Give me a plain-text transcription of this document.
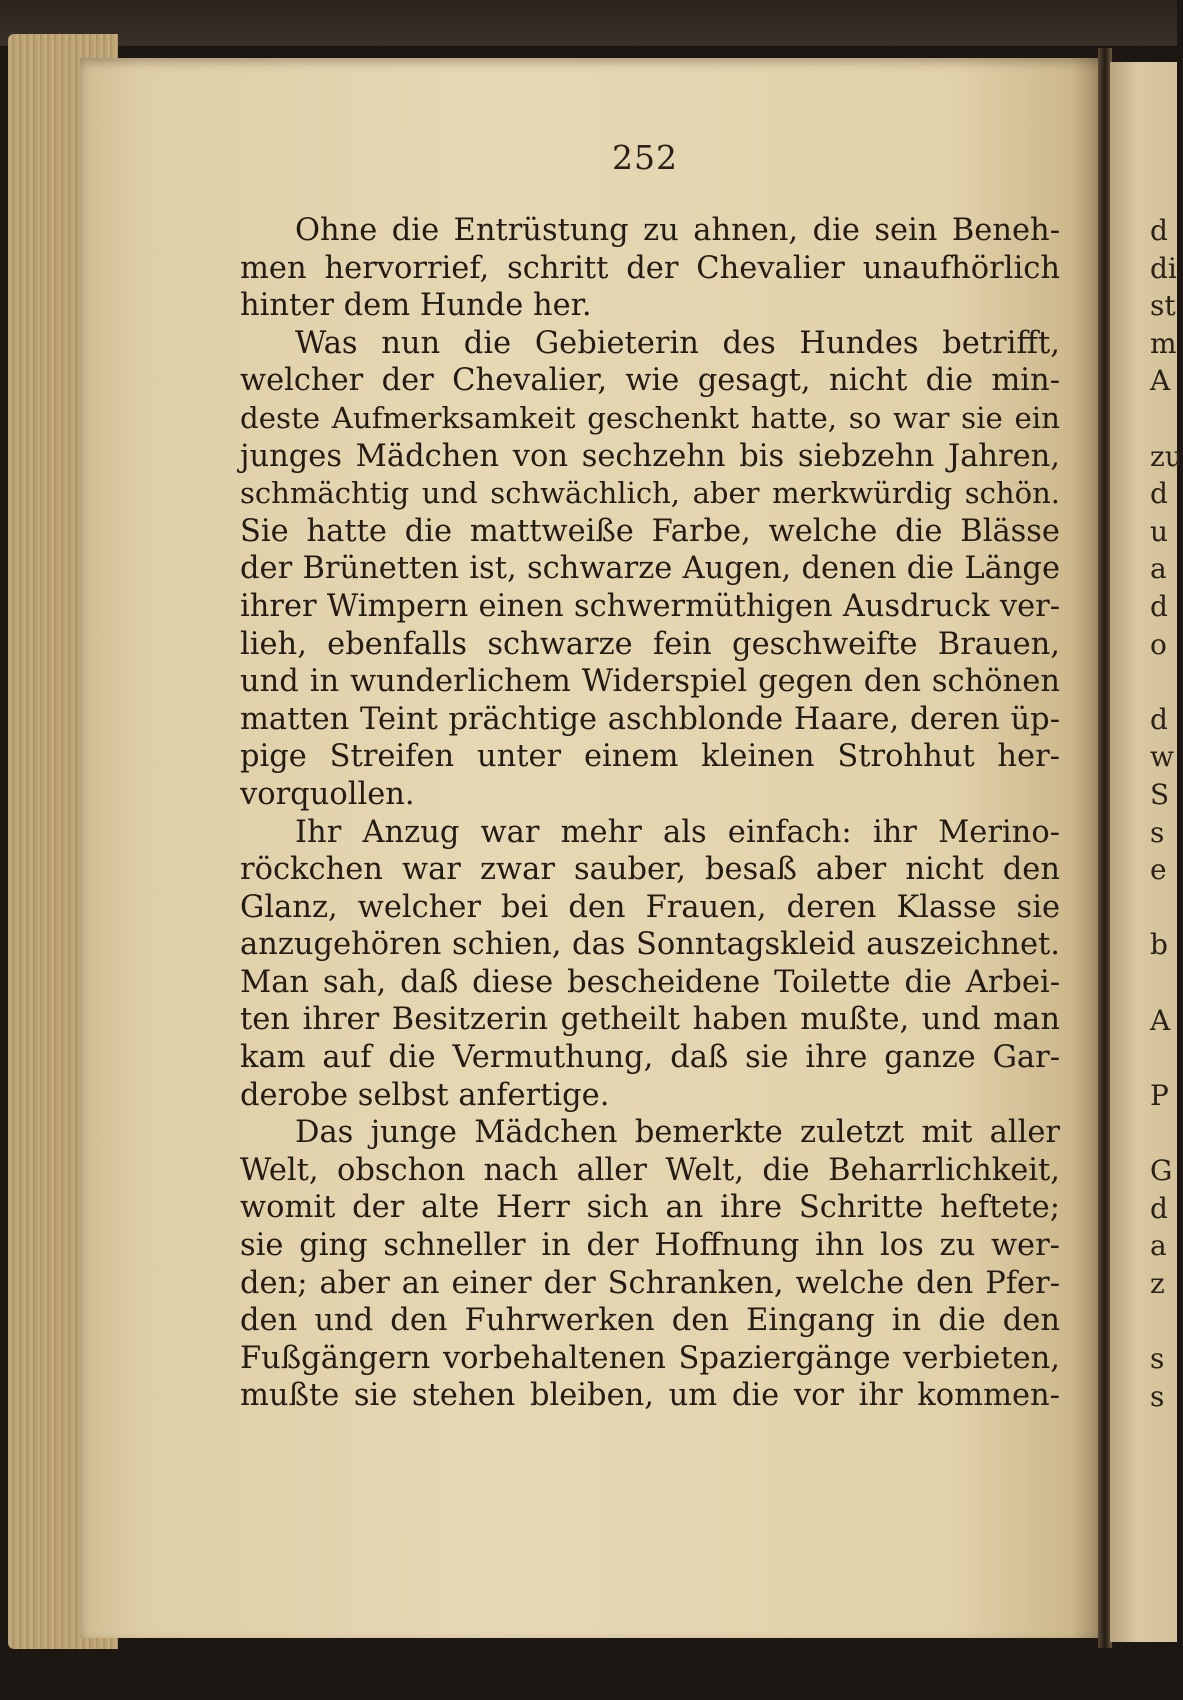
252
Ohne die Entrüstung zu ahnen, die sein Beneh-
men hervorrief, schritt der Chevalier unaufhörlich
hinter dem Hunde her.
Was nun die Gebieterin des Hundes betrifft,
welcher der Chevalier, wie gesagt, nicht die min-
deste Aufmerksamkeit geschenkt hatte, so war sie ein
junges Mädchen von sechzehn bis siebzehn Jahren,
schmächtig und schwächlich, aber merkwürdig schön.
Sie hatte die mattweiße Farbe, welche die Blässe
der Brünetten ist, schwarze Augen, denen die Länge
ihrer Wimpern einen schwermüthigen Ausdruck ver-
lieh, ebenfalls schwarze fein geschweifte Brauen,
und in wunderlichem Widerspiel gegen den schönen
matten Teint prächtige aschblonde Haare, deren üp-
pige Streifen unter einem kleinen Strohhut her-
vorquollen.
Ihr Anzug war mehr als einfach: ihr Merino-
röckchen war zwar sauber, besaß aber nicht den
Glanz, welcher bei den Frauen, deren Klasse sie
anzugehören schien, das Sonntagskleid auszeichnet.
Man sah, daß diese bescheidene Toilette die Arbei-
ten ihrer Besitzerin getheilt haben mußte, und man
kam auf die Vermuthung, daß sie ihre ganze Gar-
derobe selbst anfertige.
Das junge Mädchen bemerkte zuletzt mit aller
Welt, obschon nach aller Welt, die Beharrlichkeit,
womit der alte Herr sich an ihre Schritte heftete;
sie ging schneller in der Hoffnung ihn los zu wer-
den; aber an einer der Schranken, welche den Pfer-
den und den Fuhrwerken den Eingang in die den
Fußgängern vorbehaltenen Spaziergänge verbieten,
mußte sie stehen bleiben, um die vor ihr kommen-
d
di
st
m
A
zu
d
u
a
d
o
d
w
S
s
e
b
A
P
G
d
a
z
s
s
